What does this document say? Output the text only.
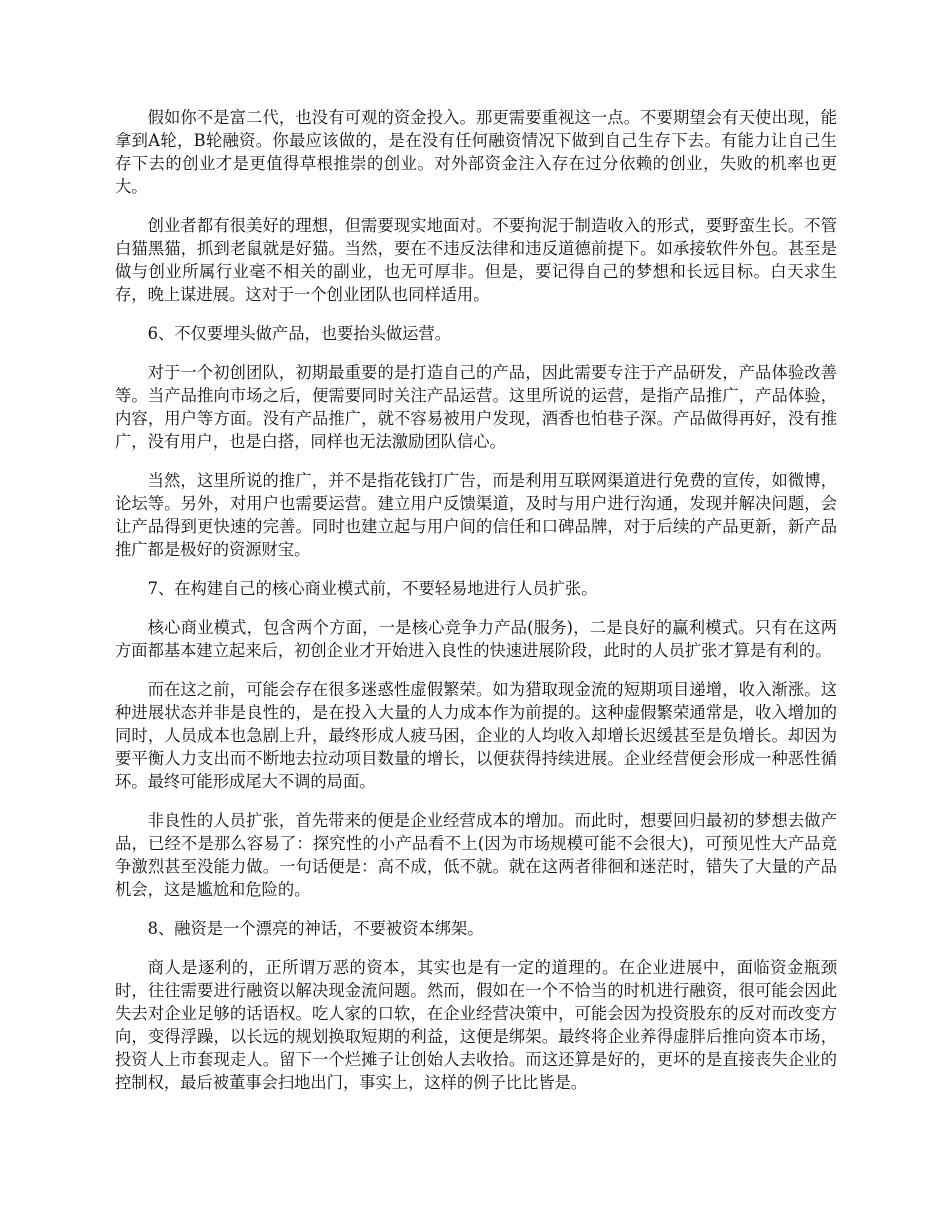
假如你不是富二代，也没有可观的资金投入。那更需要重视这一点。不要期望会有天使出现，能拿到A轮，B轮融资。你最应该做的，是在没有任何融资情况下做到自己生存下去。有能力让自己生存下去的创业才是更值得草根推崇的创业。对外部资金注入存在过分依赖的创业，失败的机率也更大。

创业者都有很美好的理想，但需要现实地面对。不要拘泥于制造收入的形式，要野蛮生长。不管白猫黑猫，抓到老鼠就是好猫。当然，要在不违反法律和违反道德前提下。如承接软件外包。甚至是做与创业所属行业毫不相关的副业，也无可厚非。但是，要记得自己的梦想和长远目标。白天求生存，晚上谋进展。这对于一个创业团队也同样适用。

6、不仅要埋头做产品，也要抬头做运营。

对于一个初创团队，初期最重要的是打造自己的产品，因此需要专注于产品研发，产品体验改善等。当产品推向市场之后，便需要同时关注产品运营。这里所说的运营，是指产品推广，产品体验，内容，用户等方面。没有产品推广，就不容易被用户发现，酒香也怕巷子深。产品做得再好，没有推广，没有用户，也是白搭，同样也无法激励团队信心。

当然，这里所说的推广，并不是指花钱打广告，而是利用互联网渠道进行免费的宣传，如微博，论坛等。另外，对用户也需要运营。建立用户反馈渠道，及时与用户进行沟通，发现并解决问题，会让产品得到更快速的完善。同时也建立起与用户间的信任和口碑品牌，对于后续的产品更新，新产品推广都是极好的资源财宝。

7、在构建自己的核心商业模式前，不要轻易地进行人员扩张。

核心商业模式，包含两个方面，一是核心竞争力产品(服务)，二是良好的赢利模式。只有在这两方面都基本建立起来后，初创企业才开始进入良性的快速进展阶段，此时的人员扩张才算是有利的。

而在这之前，可能会存在很多迷惑性虚假繁荣。如为猎取现金流的短期项目递增，收入渐涨。这种进展状态并非是良性的，是在投入大量的人力成本作为前提的。这种虚假繁荣通常是，收入增加的同时，人员成本也急剧上升，最终形成人疲马困，企业的人均收入却增长迟缓甚至是负增长。却因为要平衡人力支出而不断地去拉动项目数量的增长，以便获得持续进展。企业经营便会形成一种恶性循环。最终可能形成尾大不调的局面。

非良性的人员扩张，首先带来的便是企业经营成本的增加。而此时，想要回归最初的梦想去做产品，已经不是那么容易了：探究性的小产品看不上(因为市场规模可能不会很大)，可预见性大产品竞争激烈甚至没能力做。一句话便是：高不成，低不就。就在这两者徘徊和迷茫时，错失了大量的产品机会，这是尴尬和危险的。

8、融资是一个漂亮的神话，不要被资本绑架。

商人是逐利的，正所谓万恶的资本，其实也是有一定的道理的。在企业进展中，面临资金瓶颈时，往往需要进行融资以解决现金流问题。然而，假如在一个不恰当的时机进行融资，很可能会因此失去对企业足够的话语权。吃人家的口软，在企业经营决策中，可能会因为投资股东的反对而改变方向，变得浮躁，以长远的规划换取短期的利益，这便是绑架。最终将企业养得虚胖后推向资本市场，投资人上市套现走人。留下一个烂摊子让创始人去收拾。而这还算是好的，更坏的是直接丧失企业的控制权，最后被董事会扫地出门，事实上，这样的例子比比皆是。
